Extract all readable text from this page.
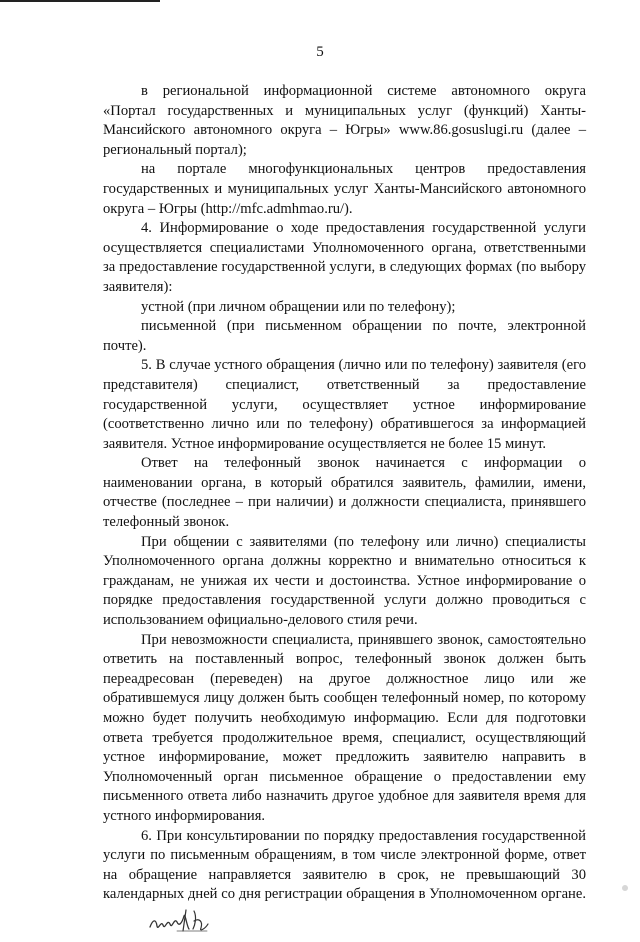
5

в региональной информационной системе автономного округа «Портал государственных и муниципальных услуг (функций) Ханты-Мансийского автономного округа – Югры» www.86.gosuslugi.ru (далее – региональный портал);

на портале многофункциональных центров предоставления государственных и муниципальных услуг Ханты-Мансийского автономного округа – Югры (http://mfc.admhmao.ru/).

4. Информирование о ходе предоставления государственной услуги осуществляется специалистами Уполномоченного органа, ответственными за предоставление государственной услуги, в следующих формах (по выбору заявителя):

устной (при личном обращении или по телефону);

письменной (при письменном обращении по почте, электронной почте).

5. В случае устного обращения (лично или по телефону) заявителя (его представителя) специалист, ответственный за предоставление государственной услуги, осуществляет устное информирование (соответственно лично или по телефону) обратившегося за информацией заявителя. Устное информирование осуществляется не более 15 минут.

Ответ на телефонный звонок начинается с информации о наименовании органа, в который обратился заявитель, фамилии, имени, отчестве (последнее – при наличии) и должности специалиста, принявшего телефонный звонок.

При общении с заявителями (по телефону или лично) специалисты Уполномоченного органа должны корректно и внимательно относиться к гражданам, не унижая их чести и достоинства. Устное информирование о порядке предоставления государственной услуги должно проводиться с использованием официально-делового стиля речи.

При невозможности специалиста, принявшего звонок, самостоятельно ответить на поставленный вопрос, телефонный звонок должен быть переадресован (переведен) на другое должностное лицо или же обратившемуся лицу должен быть сообщен телефонный номер, по которому можно будет получить необходимую информацию. Если для подготовки ответа требуется продолжительное время, специалист, осуществляющий устное информирование, может предложить заявителю направить в Уполномоченный орган письменное обращение о предоставлении ему письменного ответа либо назначить другое удобное для заявителя время для устного информирования.

6. При консультировании по порядку предоставления государственной услуги по письменным обращениям, в том числе электронной форме, ответ на обращение направляется заявителю в срок, не превышающий 30 календарных дней со дня регистрации обращения в Уполномоченном органе.
